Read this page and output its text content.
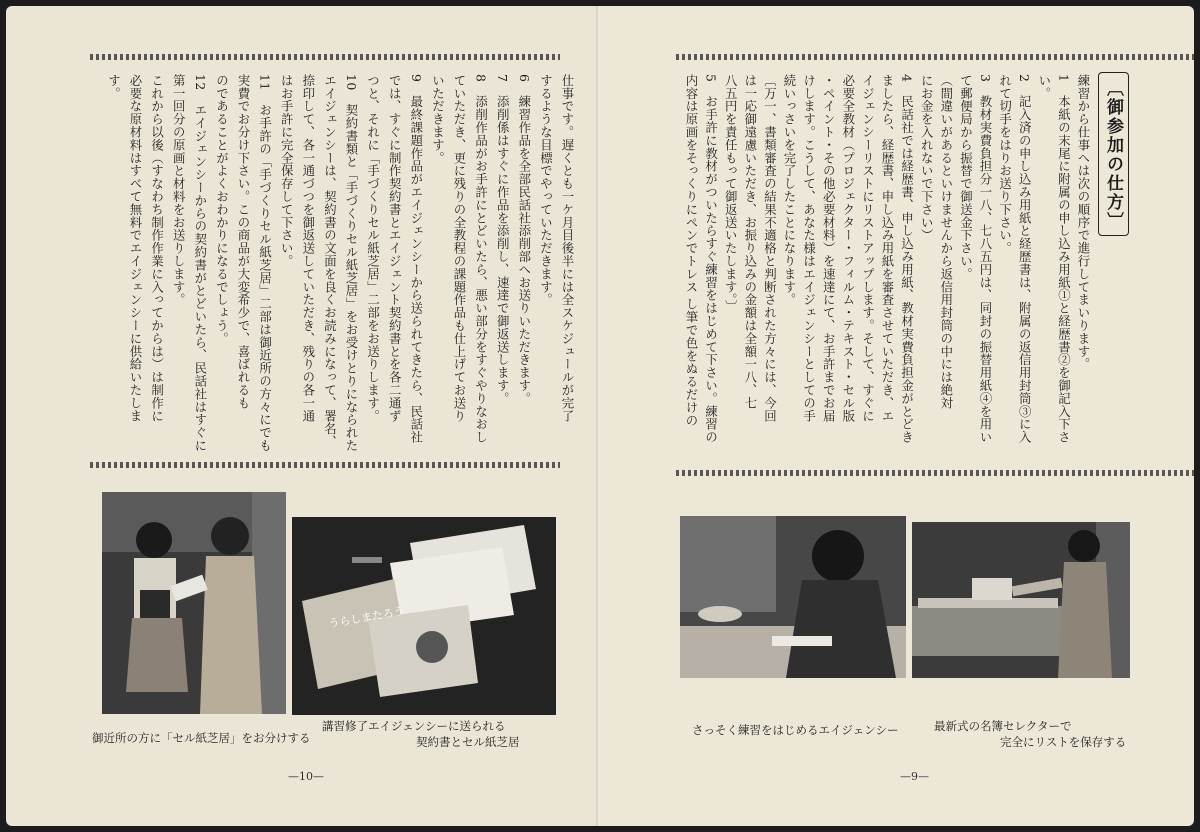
仕事です。遅くとも一ケ月目後半には全スケジュールが完了
するような目標でやっていただきます。
6　練習作品を全部民話社添削部へお送りいただきます。
7　添削係はすぐに作品を添削し、速達で御返送します。
8　添削作品がお手許にとどいたら、悪い部分をすぐやりなおし
ていただき、更に残りの全教程の課題作品も仕上げてお送り
いただきます。
9　最終課題作品がエイジェンシーから送られてきたら、民話社
では、すぐに制作契約書とエイジェント契約書とを各二通ず
つと、それに「手づくりセル紙芝居」二部をお送りします。
10　契約書類と「手づくりセル紙芝居」をお受けとりになられた
エイジェンシーは、契約書の文面を良くお読みになって、署名、
捺印して、各一通づつを御返送していただき、残りの各一通
はお手許に完全保存して下さい。
11　お手許の「手づくりセル紙芝居」二部は御近所の方々にでも
実費でお分け下さい。この商品が大変希少で、喜ばれるも
のであることがよくおわかりになるでしょう。
12　エイジェンシーからの契約書がとどいたら、民話社はすぐに
第一回分の原画と材料をお送りします。
これから以後（すなわち制作作業に入ってからは）は制作に
必要な原材料はすべて無料でエイジェンシーに供給いたしま
す。
御近所の方に「セル紙芝居」をお分けする
うらしまたろう
講習修了エイジェンシーに送られる
契約書とセル紙芝居
—10—
〔御参加の仕方〕
練習から仕事へは次の順序で進行してまいります。
1　本紙の末尾に附属の申し込み用紙①と経歴書②を御記入下さ
い。
2　記入済の申し込み用紙と経歴書は、附属の返信用封筒③に入
れて切手をはりお送り下さい。
3　教材実費負担分一八、七八五円は、同封の振替用紙④を用い
て郵便局から振替で御送金下さい。
（間違いがあるといけませんから返信用封筒の中には絶対
にお金を入れないで下さい）
4　民話社では経歴書、申し込み用紙、教材実費負担金がとどき
ましたら、経歴書、申し込み用紙を審査させていただき、エ
イジェンシーリストにリストアップします。そして、すぐに
必要全教材（プロジェクター・フィルム・テキスト・セル版
・ペイント・その他必要材料）を速達にて、お手許までお届
けします。こうして、あなた様はエイジェンシーとしての手
続いっさいを完了したことになります。
〔万一、書類審査の結果不適格と判断された方々には、今回
は一応御遠慮いただき、お振り込みの金額は全額一八、七
八五円を責任もって御返送いたします。〕
5　お手許に教材がついたらすぐ練習をはじめて下さい。練習の
内容は原画をそっくりにペンでトレス し筆で色をぬるだけの
さっそく練習をはじめるエイジェンシー	最新式の名簿セレクターで
完全にリストを保存する
—9—
